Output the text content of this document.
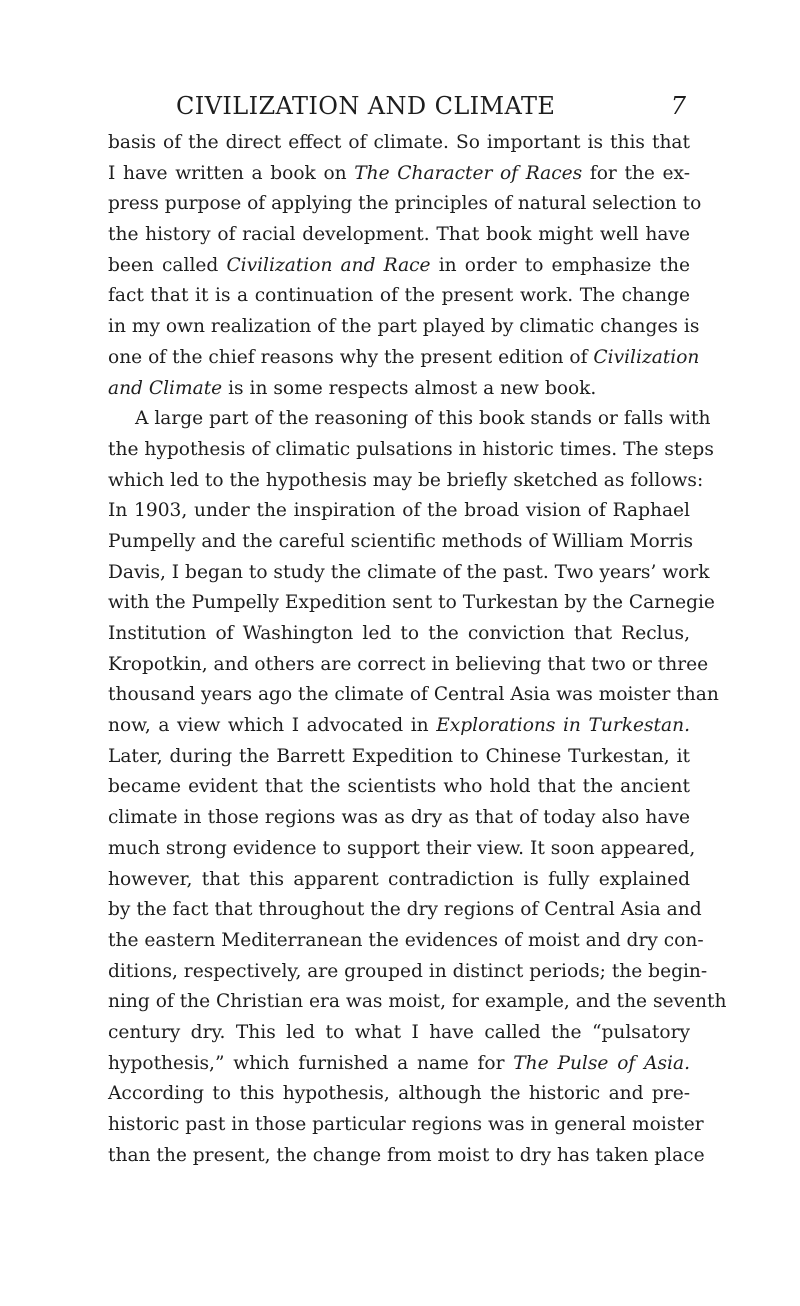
CIVILIZATION AND CLIMATE	7
basis of the direct effect of climate. So important is this that
I have written a book on The Character of Races for the ex-
press purpose of applying the principles of natural selection to
the history of racial development. That book might well have
been called Civilization and Race in order to emphasize the
fact that it is a continuation of the present work. The change
in my own realization of the part played by climatic changes is
one of the chief reasons why the present edition of Civilization
and Climate is in some respects almost a new book.
A large part of the reasoning of this book stands or falls with
the hypothesis of climatic pulsations in historic times. The steps
which led to the hypothesis may be briefly sketched as follows:
In 1903, under the inspiration of the broad vision of Raphael
Pumpelly and the careful scientific methods of William Morris
Davis, I began to study the climate of the past. Two years’ work
with the Pumpelly Expedition sent to Turkestan by the Carnegie
Institution of Washington led to the conviction that Reclus,
Kropotkin, and others are correct in believing that two or three
thousand years ago the climate of Central Asia was moister than
now, a view which I advocated in Explorations in Turkestan.
Later, during the Barrett Expedition to Chinese Turkestan, it
became evident that the scientists who hold that the ancient
climate in those regions was as dry as that of today also have
much strong evidence to support their view. It soon appeared,
however, that this apparent contradiction is fully explained
by the fact that throughout the dry regions of Central Asia and
the eastern Mediterranean the evidences of moist and dry con-
ditions, respectively, are grouped in distinct periods; the begin-
ning of the Christian era was moist, for example, and the seventh
century dry. This led to what I have called the “pulsatory
hypothesis,” which furnished a name for The Pulse of Asia.
According to this hypothesis, although the historic and pre-
historic past in those particular regions was in general moister
than the present, the change from moist to dry has taken place
